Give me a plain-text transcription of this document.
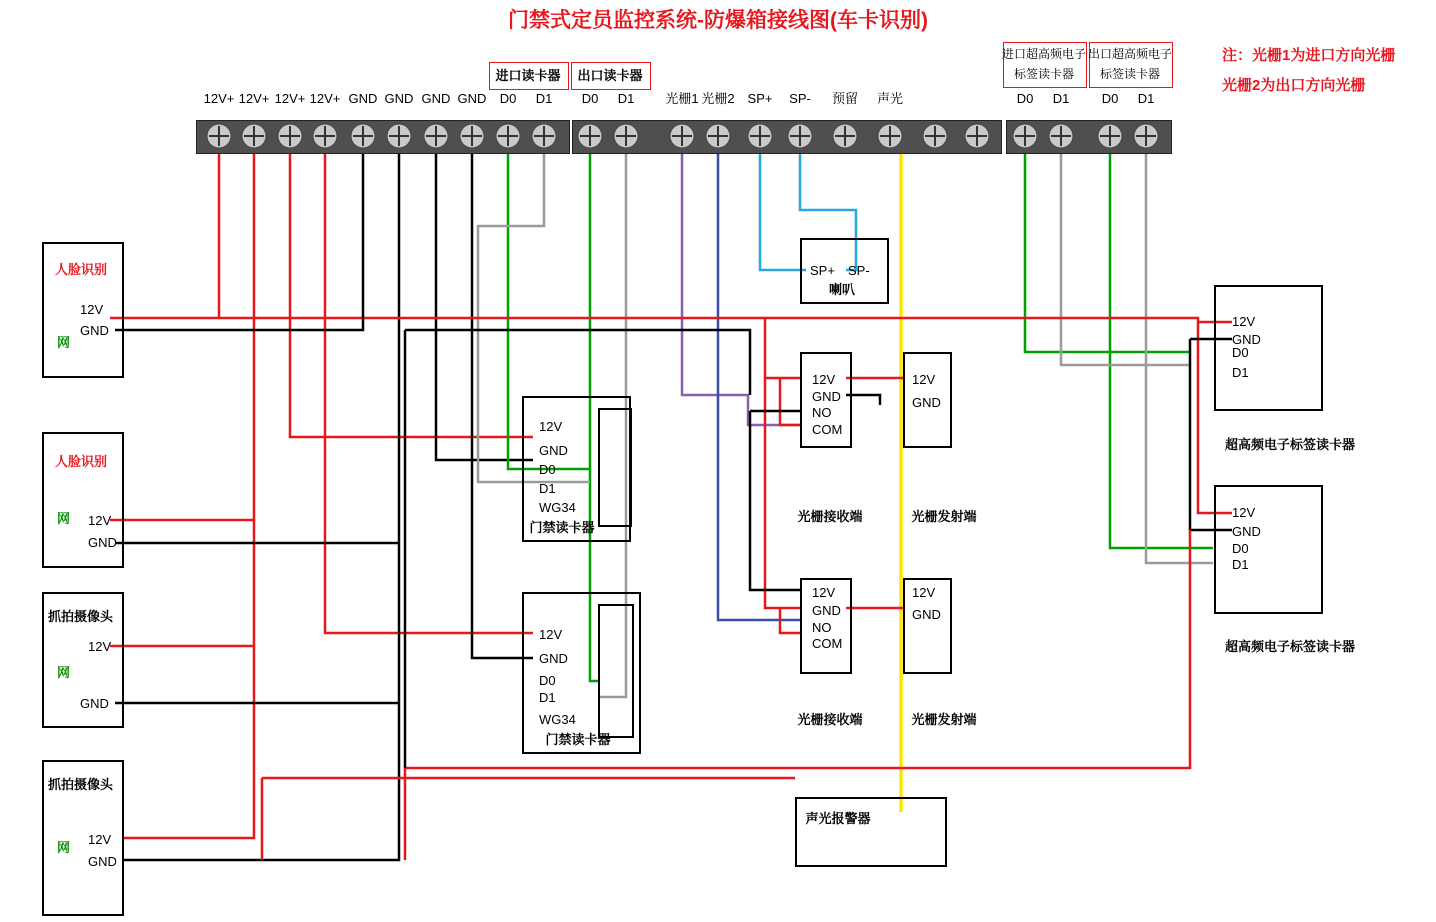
门禁式定员监控系统-防爆箱接线图(车卡识别)
注：光栅1为进口方向光栅
光栅2为出口方向光栅
进口读卡器 出口读卡器
进口超高频电子
标签读卡器
出口超高频电子
标签读卡器
12V+ 12V+ 12V+ 12V+ GND GND GND GND D0 D1 D0 D1 光栅1 光栅2 SP+ SP- 预留 声光	D0 D1 D0 D1
人脸识别
网
12V
GND
人脸识别
网 12V
GND
抓拍摄像头
网
12V
GND
抓拍摄像头
网
12V
GND
SP+ SP-
喇叭
12V
GND
D0
D1
WG34
门禁读卡器
12V
GND
D0
D1
WG34
门禁读卡器
12V
GND
NO
COM
光栅接收端
12V
GND
光栅发射端
12V
GND
NO
COM
光栅接收端
12V
GND
光栅发射端
12V
GND
D0
D1
超高频电子标签读卡器
12V
GND
D0
D1
超高频电子标签读卡器
声光报警器
